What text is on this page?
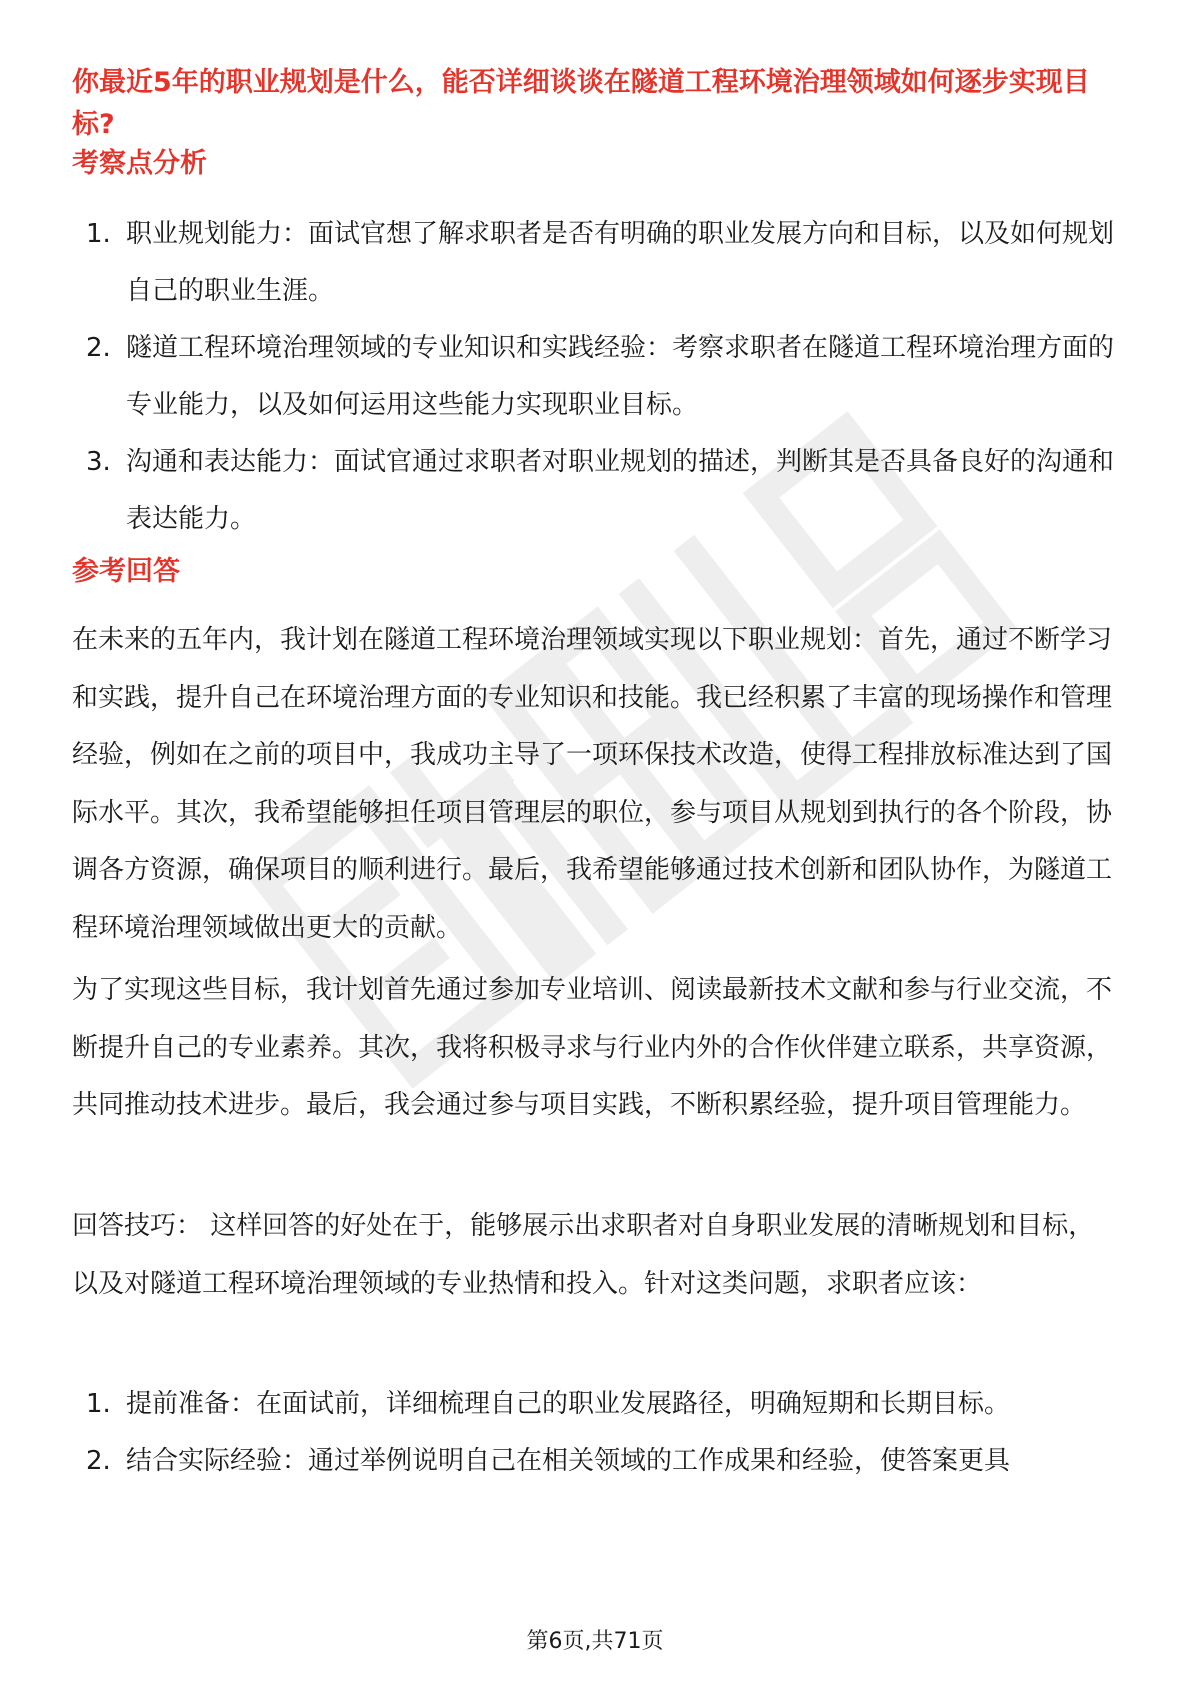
你最近5年的职业规划是什么，能否详细谈谈在隧道工程环境治理领域如何逐步实现目标?
考察点分析
1. 职业规划能力：面试官想了解求职者是否有明确的职业发展方向和目标，以及如何规划自己的职业生涯。
2. 隧道工程环境治理领域的专业知识和实践经验：考察求职者在隧道工程环境治理方面的专业能力，以及如何运用这些能力实现职业目标。
3. 沟通和表达能力：面试官通过求职者对职业规划的描述，判断其是否具备良好的沟通和表达能力。
参考回答

在未来的五年内，我计划在隧道工程环境治理领域实现以下职业规划：首先，通过不断学习和实践，提升自己在环境治理方面的专业知识和技能。我已经积累了丰富的现场操作和管理经验，例如在之前的项目中，我成功主导了一项环保技术改造，使得工程排放标准达到了国际水平。其次，我希望能够担任项目管理层的职位，参与项目从规划到执行的各个阶段，协调各方资源，确保项目的顺利进行。最后，我希望能够通过技术创新和团队协作，为隧道工程环境治理领域做出更大的贡献。

为了实现这些目标，我计划首先通过参加专业培训、阅读最新技术文献和参与行业交流，不断提升自己的专业素养。其次，我将积极寻求与行业内外的合作伙伴建立联系，共享资源，共同推动技术进步。最后，我会通过参与项目实践，不断积累经验，提升项目管理能力。

回答技巧： 这样回答的好处在于，能够展示出求职者对自身职业发展的清晰规划和目标，以及对隧道工程环境治理领域的专业热情和投入。针对这类问题，求职者应该：

1. 提前准备：在面试前，详细梳理自己的职业发展路径，明确短期和长期目标。
2. 结合实际经验：通过举例说明自己在相关领域的工作成果和经验，使答案更具
第6页,共71页
